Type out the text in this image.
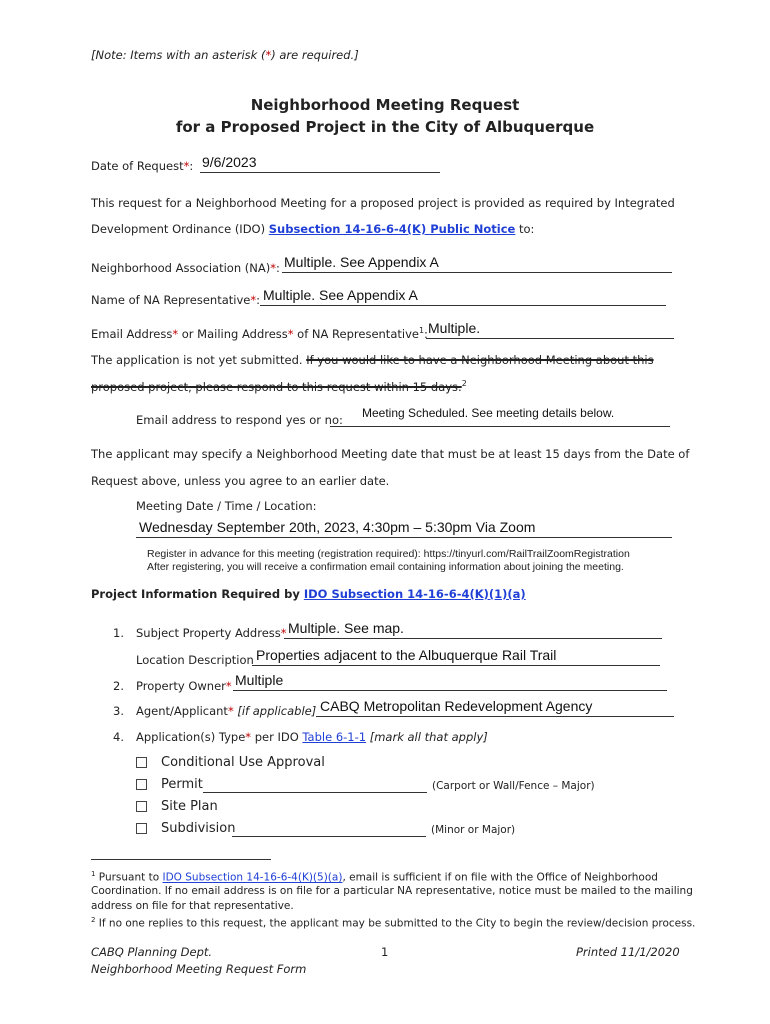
[Note: Items with an asterisk (*) are required.]
Neighborhood Meeting Request
for a Proposed Project in the City of Albuquerque
Date of Request*: 9/6/2023
This request for a Neighborhood Meeting for a proposed project is provided as required by Integrated
Development Ordinance (IDO) Subsection 14-16-6-4(K) Public Notice to:
Neighborhood Association (NA)*: Multiple. See Appendix A
Name of NA Representative*: Multiple. See Appendix A
Email Address* or Mailing Address* of NA Representative$^1$: Multiple.
The application is not yet submitted. If you would like to have a Neighborhood Meeting about this
proposed project, please respond to this request within 15 days.$^2$
Email address to respond yes or no: Meeting Scheduled. See meeting details below.
The applicant may specify a Neighborhood Meeting date that must be at least 15 days from the Date of
Request above, unless you agree to an earlier date.
Meeting Date / Time / Location:
Wednesday September 20th, 2023, 4:30pm – 5:30pm Via Zoom
Register in advance for this meeting (registration required): https://tinyurl.com/RailTrailZoomRegistration
After registering, you will receive a confirmation email containing information about joining the meeting.
Project Information Required by IDO Subsection 14-16-6-4(K)(1)(a)
1. Subject Property Address* Multiple. See map.
Location Description Properties adjacent to the Albuquerque Rail Trail
2. Property Owner* Multiple
3. Agent/Applicant* [if applicable] CABQ Metropolitan Redevelopment Agency
4. Application(s) Type* per IDO Table 6-1-1 [mark all that apply]
Conditional Use Approval
Permit	(Carport or Wall/Fence – Major)
Site Plan
Subdivision	(Minor or Major)
$^1$ Pursuant to IDO Subsection 14-16-6-4(K)(5)(a), email is sufficient if on file with the Office of Neighborhood
Coordination. If no email address is on file for a particular NA representative, notice must be mailed to the mailing
address on file for that representative.
$^2$ If no one replies to this request, the applicant may be submitted to the City to begin the review/decision process.
CABQ Planning Dept.
Neighborhood Meeting Request Form
1	Printed 11/1/2020
